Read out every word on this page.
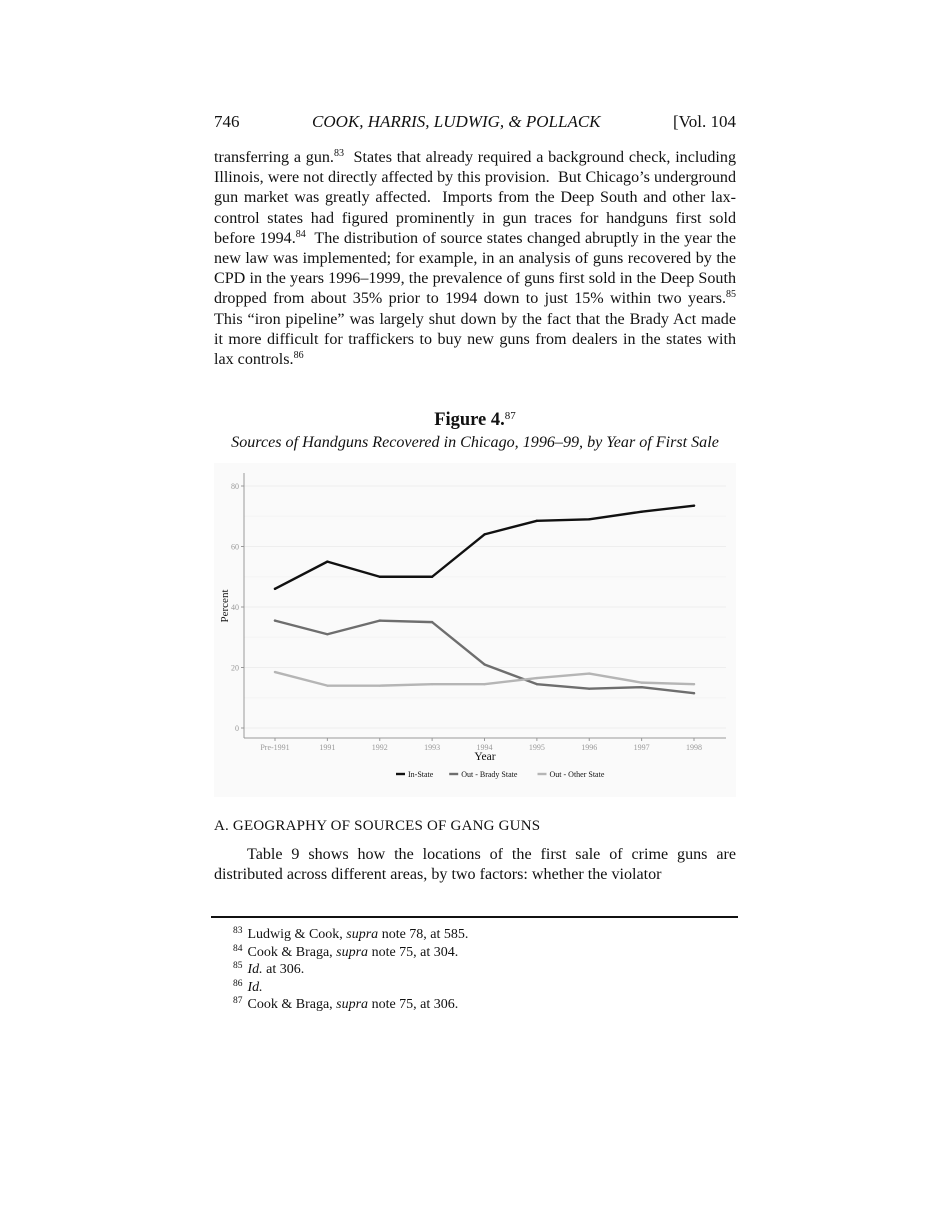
746	COOK, HARRIS, LUDWIG, & POLLACK	[Vol. 104

transferring a gun.$^{83}$  States that already required a background check, including Illinois, were not directly affected by this provision.  But Chicago’s underground gun market was greatly affected.  Imports from the Deep South and other lax-control states had figured prominently in gun traces for handguns first sold before 1994.84  The distribution of source states changed abruptly in the year the new law was implemented; for example, in an analysis of guns recovered by the CPD in the years 1996–1999, the prevalence of guns first sold in the Deep South dropped from about 35% prior to 1994 down to just 15% within two years.$^{85}$  This “iron pipeline” was largely shut down by the fact that the Brady Act made it more difficult for traffickers to buy new guns from dealers in the states with lax controls.$^{86}$

Figure 4.87
Sources of Handguns Recovered in Chicago, 1996–99, by Year of First Sale
0
20
40
60
80
Pre-1991	1991	1992	1993	1994	1995	1996	1997	1998
Percent
Year
In-State	Out - Brady State	Out - Other State
A. GEOGRAPHY OF SOURCES OF GANG GUNS

Table 9 shows how the locations of the first sale of crime guns are distributed across different areas, by two factors: whether the violator

$^{83}$ Ludwig & Cook, supra note 78, at 585.
$^{84}$ Cook & Braga, supra note 75, at 304.
$^{85}$ Id. at 306.
$^{86}$ Id.
$^{87}$ Cook & Braga, supra note 75, at 306.
